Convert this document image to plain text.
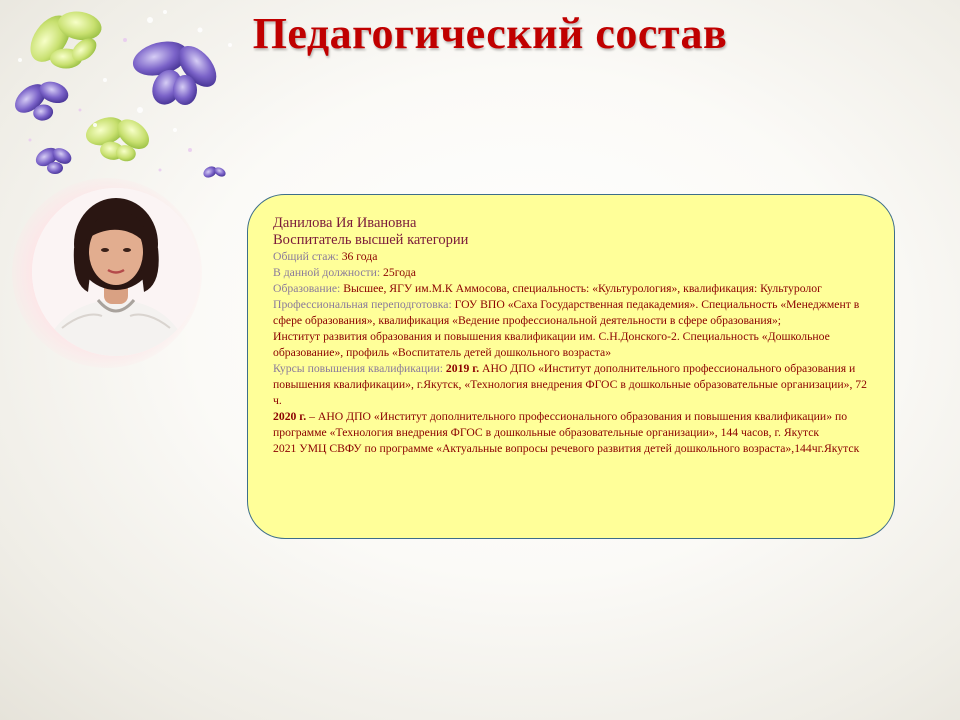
Педагогический состав

Данилова Ия Ивановна

Воспитатель высшей категории

Общий стаж: 36 года

В данной должности: 25года

Образование: Высшее, ЯГУ им.М.К Аммосова, специальность: «Культурология», квалификация: Культуролог

Профессиональная переподготовка: ГОУ ВПО «Саха Государственная педакадемия». Специальность «Менеджмент в сфере образования», квалификация «Ведение профессиональной деятельности в сфере образования»;

Институт развития образования и повышения квалификации им. С.Н.Донского-2. Специальность «Дошкольное образование», профиль «Воспитатель детей дошкольного возраста»

Курсы повышения квалификации: 2019 г. АНО ДПО «Институт дополнительного профессионального образования и повышения квалификации», г.Якутск, «Технология внедрения ФГОС в дошкольные образовательные организации», 72 ч.

2020 г. – АНО ДПО «Институт дополнительного профессионального образования и повышения квалификации» по программе «Технология внедрения ФГОС в дошкольные образовательные организации», 144 часов, г. Якутск

2021 УМЦ СВФУ по программе «Актуальные вопросы речевого развития детей дошкольного возраста»,144чг.Якутск
